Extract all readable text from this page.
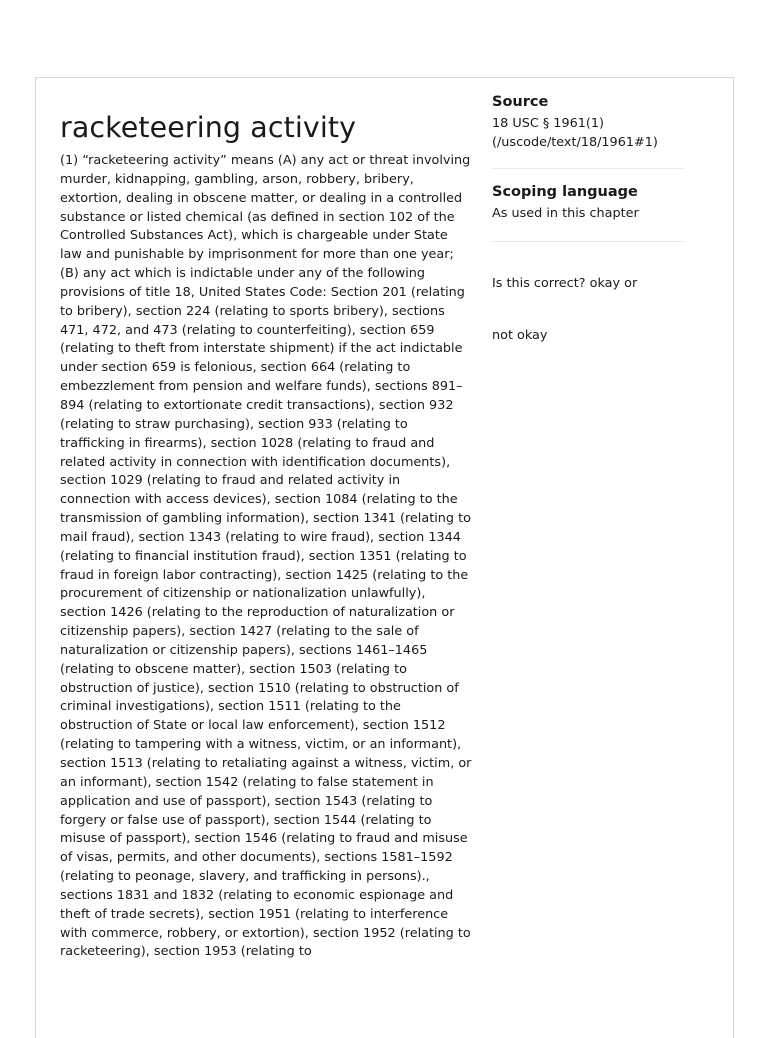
racketeering activity

(1) “racketeering activity” means (A) any act or threat involving murder, kidnapping, gambling, arson, robbery, bribery, extortion, dealing in obscene matter, or dealing in a controlled substance or listed chemical (as defined in section 102 of the Controlled Substances Act), which is chargeable under State law and punishable by imprisonment for more than one year; (B) any act which is indictable under any of the following provisions of title 18, United States Code: Section 201 (relating to bribery), section 224 (relating to sports bribery), sections 471, 472, and 473 (relating to counterfeiting), section 659 (relating to theft from interstate shipment) if the act indictable under section 659 is felonious, section 664 (relating to embezzlement from pension and welfare funds), sections 891–894 (relating to extortionate credit transactions), section 932 (relating to straw purchasing), section 933 (relating to trafficking in firearms), section 1028 (relating to fraud and related activity in connection with identification documents), section 1029 (relating to fraud and related activity in connection with access devices), section 1084 (relating to the transmission of gambling information), section 1341 (relating to mail fraud), section 1343 (relating to wire fraud), section 1344 (relating to financial institution fraud), section 1351 (relating to fraud in foreign labor contracting), section 1425 (relating to the procurement of citizenship or nationalization unlawfully), section 1426 (relating to the reproduction of naturalization or citizenship papers), section 1427 (relating to the sale of naturalization or citizenship papers), sections 1461–1465 (relating to obscene matter), section 1503 (relating to obstruction of justice), section 1510 (relating to obstruction of criminal investigations), section 1511 (relating to the obstruction of State or local law enforcement), section 1512 (relating to tampering with a witness, victim, or an informant), section 1513 (relating to retaliating against a witness, victim, or an informant), section 1542 (relating to false statement in application and use of passport), section 1543 (relating to forgery or false use of passport), section 1544 (relating to misuse of passport), section 1546 (relating to fraud and misuse of visas, permits, and other documents), sections 1581–1592 (relating to peonage, slavery, and trafficking in persons)., sections 1831 and 1832 (relating to economic espionage and theft of trade secrets), section 1951 (relating to interference with commerce, robbery, or extortion), section 1952 (relating to racketeering), section 1953 (relating to

Source

18 USC § 1961(1)
(/uscode/text/18/1961#1)

Scoping language

As used in this chapter

Is this correct? okay or
not okay
